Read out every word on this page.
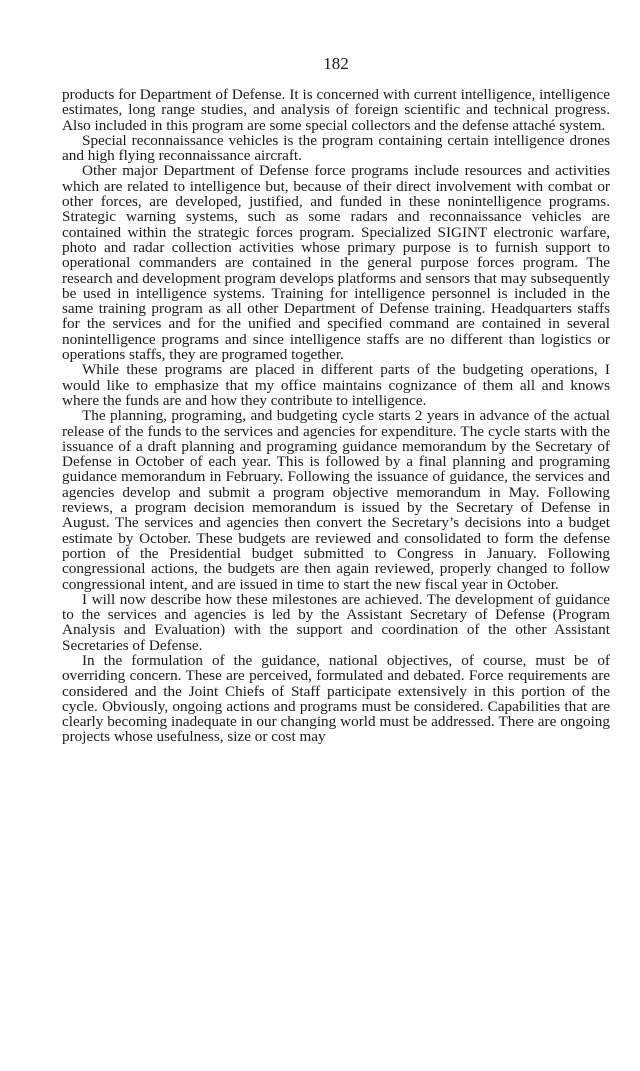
182

products for Department of Defense. It is concerned with current intelligence, intelligence estimates, long range studies, and analysis of foreign scientific and technical progress. Also included in this program are some special collectors and the defense attaché system.

Special reconnaissance vehicles is the program containing certain intelligence drones and high flying reconnaissance aircraft.

Other major Department of Defense force programs include resources and activities which are related to intelligence but, because of their direct involvement with combat or other forces, are developed, justified, and funded in these nonintelligence programs. Strategic warning systems, such as some radars and reconnaissance vehicles are contained within the strategic forces program. Specialized SIGINT electronic warfare, photo and radar collection activities whose primary purpose is to furnish support to operational commanders are contained in the general purpose forces program. The research and development program develops platforms and sensors that may subsequently be used in intelligence systems. Training for intelligence personnel is included in the same training program as all other Department of Defense training. Headquarters staffs for the services and for the unified and specified command are contained in several nonintelligence programs and since intelligence staffs are no different than logistics or operations staffs, they are programed together.

While these programs are placed in different parts of the budgeting operations, I would like to emphasize that my office maintains cognizance of them all and knows where the funds are and how they contribute to intelligence.

The planning, programing, and budgeting cycle starts 2 years in advance of the actual release of the funds to the services and agencies for expenditure. The cycle starts with the issuance of a draft planning and programing guidance memorandum by the Secretary of Defense in October of each year. This is followed by a final planning and programing guidance memorandum in February. Following the issuance of guidance, the services and agencies develop and submit a program objective memorandum in May. Following reviews, a program decision memorandum is issued by the Secretary of Defense in August. The services and agencies then convert the Secretary’s decisions into a budget estimate by October. These budgets are reviewed and consolidated to form the defense portion of the Presidential budget submitted to Congress in January. Following congressional actions, the budgets are then again reviewed, properly changed to follow congressional intent, and are issued in time to start the new fiscal year in October.

I will now describe how these milestones are achieved. The development of guidance to the services and agencies is led by the Assistant Secretary of Defense (Program Analysis and Evaluation) with the support and coordination of the other Assistant Secretaries of Defense.

In the formulation of the guidance, national objectives, of course, must be of overriding concern. These are perceived, formulated and debated. Force requirements are considered and the Joint Chiefs of Staff participate extensively in this portion of the cycle. Obviously, ongoing actions and programs must be considered. Capabilities that are clearly becoming inadequate in our changing world must be addressed. There are ongoing projects whose usefulness, size or cost may
